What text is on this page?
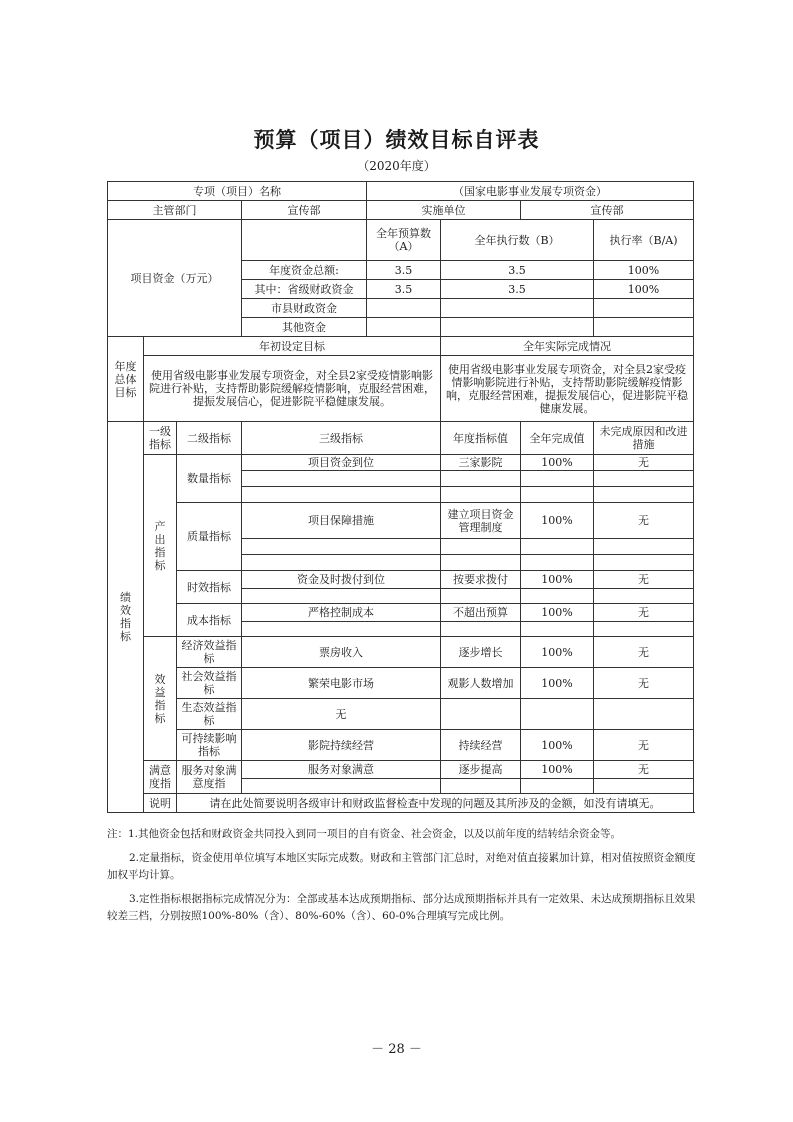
预算（项目）绩效目标自评表
（2020年度）
专项（项目）名称				（国家电影事业发展专项资金）			
主管部门			宣传部	实施单位		宣传部	
项目资金（万元）				全年预算数（A）	全年执行数（B）		执行率（B/A)
			年度资金总额:	3.5	3.5		100%
			其中：省级财政资金	3.5	3.5		100%
			市县财政资金				
			其他资金				
年度总体目标	年初设定目标				全年实际完成情况		
	使用省级电影事业发展专项资金，对全县2家受疫情影响影院进行补贴，支持帮助影院缓解疫情影响，克服经营困难，提振发展信心，促进影院平稳健康发展。				使用省级电影事业发展专项资金，对全县2家受疫情影响影院进行补贴，支持帮助影院缓解疫情影响，克服经营困难，提振发展信心，促进影院平稳健康发展。		
绩效指标	一级指标	二级指标	三级指标		年度指标值	全年完成值	未完成原因和改进措施
	产出指标	数量指标	项目资金到位		三家影院	100%	无

		质量指标	项目保障措施		建立项目资金管理制度	100%	无

		时效指标	资金及时拨付到位		按要求拨付	100%	无

		成本指标	严格控制成本		不超出预算	100%	无

	效益指标	经济效益指标	票房收入		逐步增长	100%	无
		社会效益指标	繁荣电影市场		观影人数增加	100%	无
		生态效益指标	无				
		可持续影响指标	影院持续经营		持续经营	100%	无
	满意度指	服务对象满意度指	服务对象满意		逐步提高	100%	无

	说明	请在此处简要说明各级审计和财政监督检查中发现的问题及其所涉及的金额，如没有请填无。					

注：1.其他资金包括和财政资金共同投入到同一项目的自有资金、社会资金，以及以前年度的结转结余资金等。

2.定量指标，资金使用单位填写本地区实际完成数。财政和主管部门汇总时，对绝对值直接累加计算，相对值按照资金额度加权平均计算。

3.定性指标根据指标完成情况分为：全部或基本达成预期指标、部分达成预期指标并具有一定效果、未达成预期指标且效果较差三档，分别按照100%-80%（含）、80%-60%（含）、60-0%合理填写完成比例。

－ 28 －
